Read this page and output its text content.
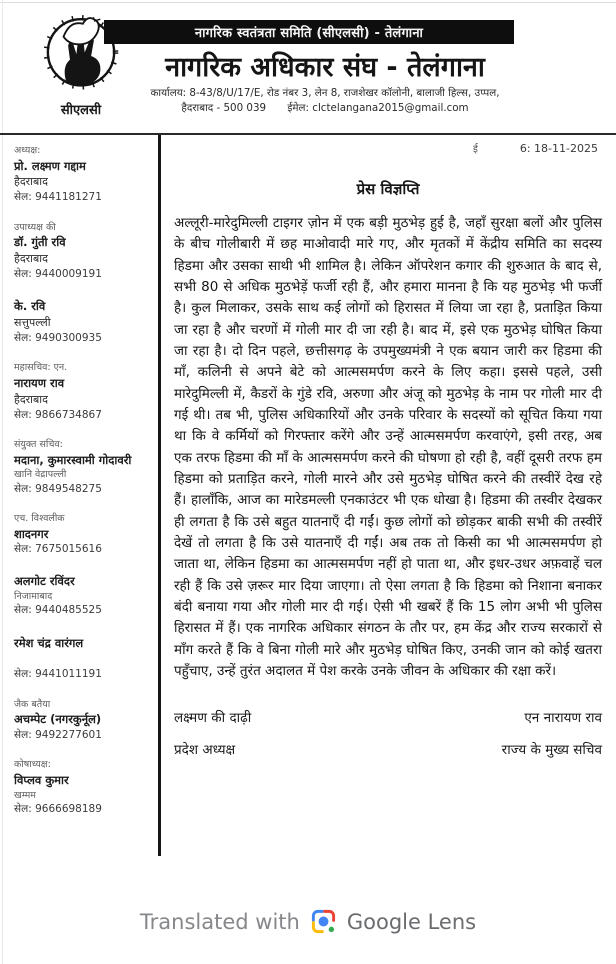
सीएलसी
नागरिक स्वतंत्रता समिति (सीएलसी) - तेलंगाना
नागरिक अधिकार संघ - तेलंगाना
कार्यालय: 8-43/8/U/17/E, रोड नंबर 3, लेन 8, राजशेखर कॉलोनी, बालाजी हिल्स, उप्पल,
हैदराबाद - 500 039 ईमेल: clctelangana2015@gmail.com
अध्यक्ष:
प्रो. लक्ष्मण गद्दाम
हैदराबाद
सेल: 9441181271
उपाध्यक्ष की
डॉ. गुंती रवि
हैदराबाद
सेल: 9440009191
के. रवि
सत्तुपल्ली
सेल: 9490300935
महासचिव: एन.
नारायण राव
हैदराबाद
सेल: 9866734867
संयुक्त सचिव:
मदाना, कुमारस्वामी गोदावरी
खानि वेद्रापल्ली
सेल: 9849548275
एच. विश्वलीक
शादनगर
सेल: 7675015616
अलगोट रविंदर
निजामाबाद
सेल: 9440485525
रमेश चंद्र वारंगल
सेल: 9441011191
जैक बतैया
अचम्पेट (नगरकुर्नूल)
सेल: 9492277601
कोषाध्यक्ष:
विप्लव कुमार
खम्मम
सेल: 9666698189
ई	6: 18-11-2025
प्रेस विज्ञप्ति
अल्लूरी-मारेदुमिल्ली टाइगर ज़ोन में एक बड़ी मुठभेड़ हुई है, जहाँ सुरक्षा बलों और पुलिस के बीच गोलीबारी में छह माओवादी मारे गए, और मृतकों में केंद्रीय समिति का सदस्य हिडमा और उसका साथी भी शामिल है। लेकिन ऑपरेशन कगार की शुरुआत के बाद से, सभी 80 से अधिक मुठभेड़ें फर्जी रही हैं, और हमारा मानना है कि यह मुठभेड़ भी फर्जी है। कुल मिलाकर, उसके साथ कई लोगों को हिरासत में लिया जा रहा है, प्रताड़ित किया जा रहा है और चरणों में गोली मार दी जा रही है। बाद में, इसे एक मुठभेड़ घोषित किया जा रहा है। दो दिन पहले, छत्तीसगढ़ के उपमुख्यमंत्री ने एक बयान जारी कर हिडमा की माँ, कलिनी से अपने बेटे को आत्मसमर्पण करने के लिए कहा। इससे पहले, उसी मारेदुमिल्ली में, कैडरों के गुंडे रवि, अरुणा और अंजू को मुठभेड़ के नाम पर गोली मार दी गई थी। तब भी, पुलिस अधिकारियों और उनके परिवार के सदस्यों को सूचित किया गया था कि वे कर्मियों को गिरफ्तार करेंगे और उन्हें आत्मसमर्पण करवाएंगे, इसी तरह, अब एक तरफ हिडमा की माँ के आत्मसमर्पण करने की घोषणा हो रही है, वहीं दूसरी तरफ हम हिडमा को प्रताड़ित करने, गोली मारने और उसे मुठभेड़ घोषित करने की तस्वीरें देख रहे हैं। हालाँकि, आज का मारेडमल्ली एनकाउंटर भी एक धोखा है। हिडमा की तस्वीर देखकर ही लगता है कि उसे बहुत यातनाएँ दी गईं। कुछ लोगों को छोड़कर बाकी सभी की तस्वीरें देखें तो लगता है कि उसे यातनाएँ दी गईं। अब तक तो किसी का भी आत्मसमर्पण हो जाता था, लेकिन हिडमा का आत्मसमर्पण नहीं हो पाता था, और इधर-उधर अफ़वाहें चल रही हैं कि उसे ज़रूर मार दिया जाएगा। तो ऐसा लगता है कि हिडमा को निशाना बनाकर बंदी बनाया गया और गोली मार दी गई। ऐसी भी खबरें हैं कि 15 लोग अभी भी पुलिस हिरासत में हैं। एक नागरिक अधिकार संगठन के तौर पर, हम केंद्र और राज्य सरकारों से माँग करते हैं कि वे बिना गोली मारे और मुठभेड़ घोषित किए, उनकी जान को कोई खतरा पहुँचाए, उन्हें तुरंत अदालत में पेश करके उनके जीवन के अधिकार की रक्षा करें।
लक्ष्मण की दाढ़ी	एन नारायण राव
प्रदेश अध्यक्ष	राज्य के मुख्य सचिव
Translated with Google Lens
